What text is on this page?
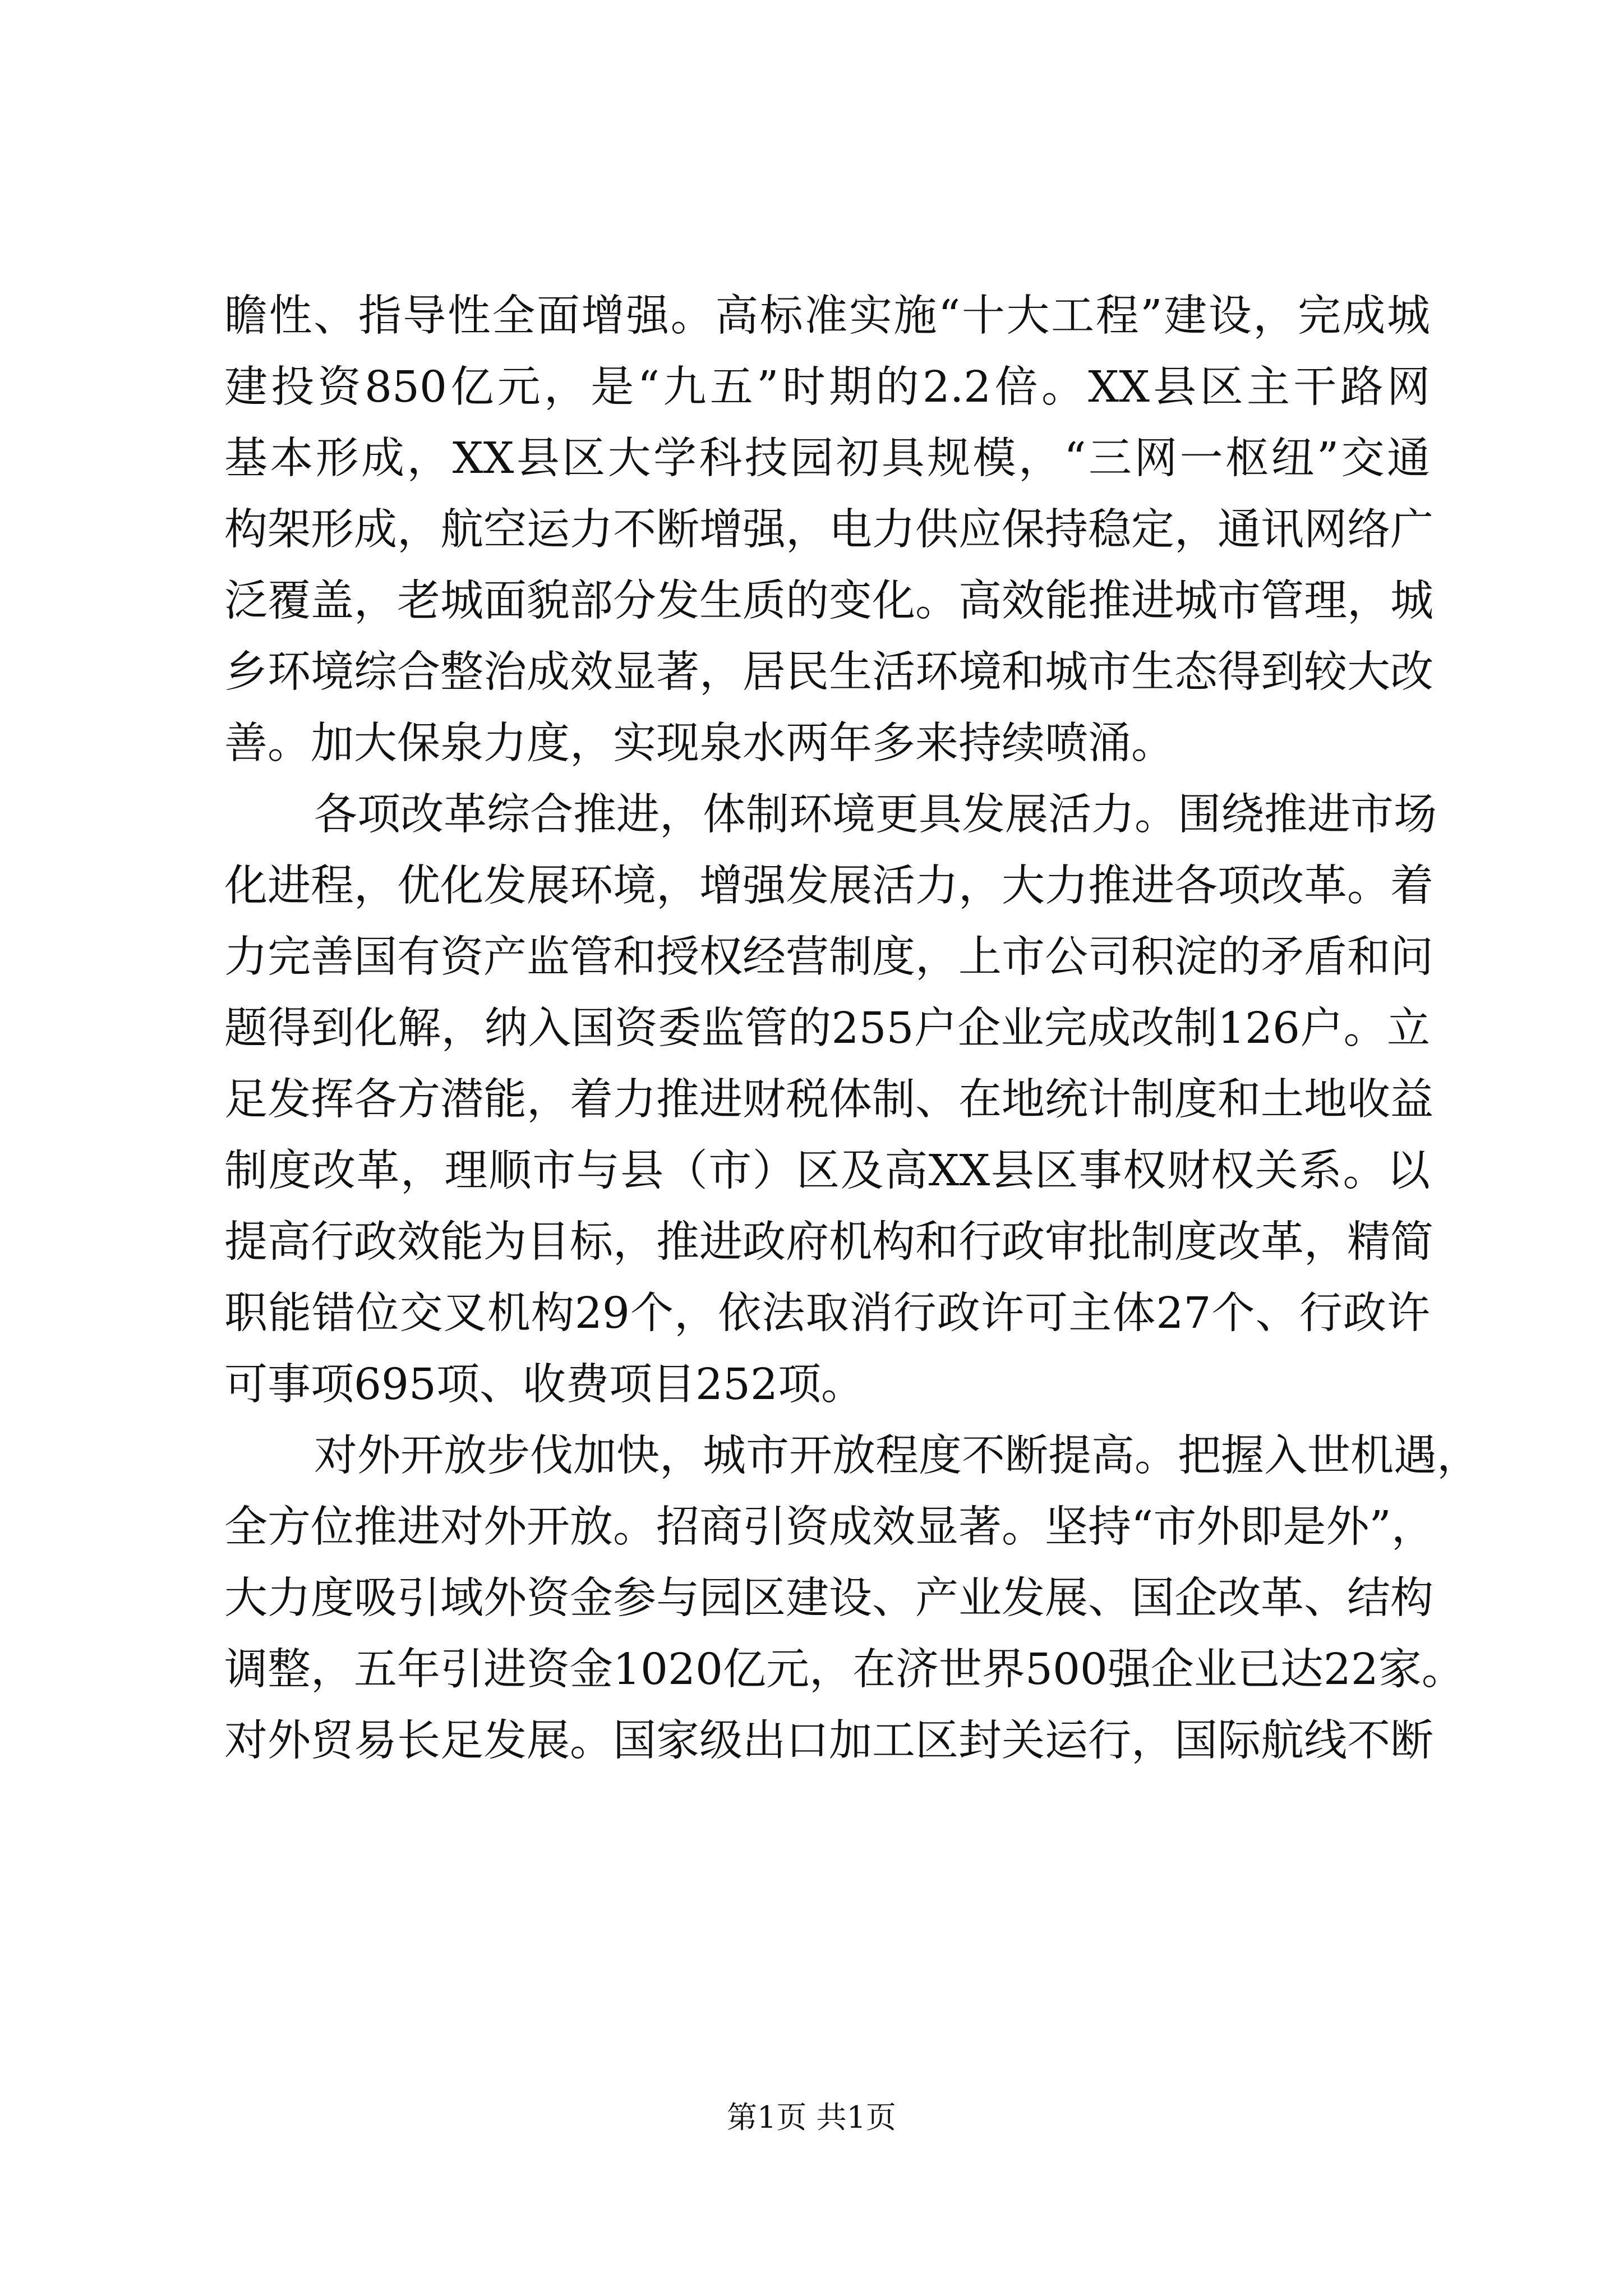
瞻性、指导性全面增强。高标准实施“十大工程”建设，完成城
建投资850亿元，是“九五”时期的2.2倍。XX县区主干路网
基本形成，XX县区大学科技园初具规模，“三网一枢纽”交通
构架形成，航空运力不断增强，电力供应保持稳定，通讯网络广
泛覆盖，老城面貌部分发生质的变化。高效能推进城市管理，城
乡环境综合整治成效显著，居民生活环境和城市生态得到较大改
善。加大保泉力度，实现泉水两年多来持续喷涌。
各项改革综合推进，体制环境更具发展活力。围绕推进市场
化进程，优化发展环境，增强发展活力，大力推进各项改革。着
力完善国有资产监管和授权经营制度，上市公司积淀的矛盾和问
题得到化解，纳入国资委监管的255户企业完成改制126户。立
足发挥各方潜能，着力推进财税体制、在地统计制度和土地收益
制度改革，理顺市与县（市）区及高XX县区事权财权关系。以
提高行政效能为目标，推进政府机构和行政审批制度改革，精简
职能错位交叉机构29个，依法取消行政许可主体27个、行政许
可事项695项、收费项目252项。
对外开放步伐加快，城市开放程度不断提高。把握入世机遇，
全方位推进对外开放。招商引资成效显著。坚持“市外即是外”，
大力度吸引域外资金参与园区建设、产业发展、国企改革、结构
调整，五年引进资金1020亿元，在济世界500强企业已达22家。
对外贸易长足发展。国家级出口加工区封关运行，国际航线不断
第1页 共1页
